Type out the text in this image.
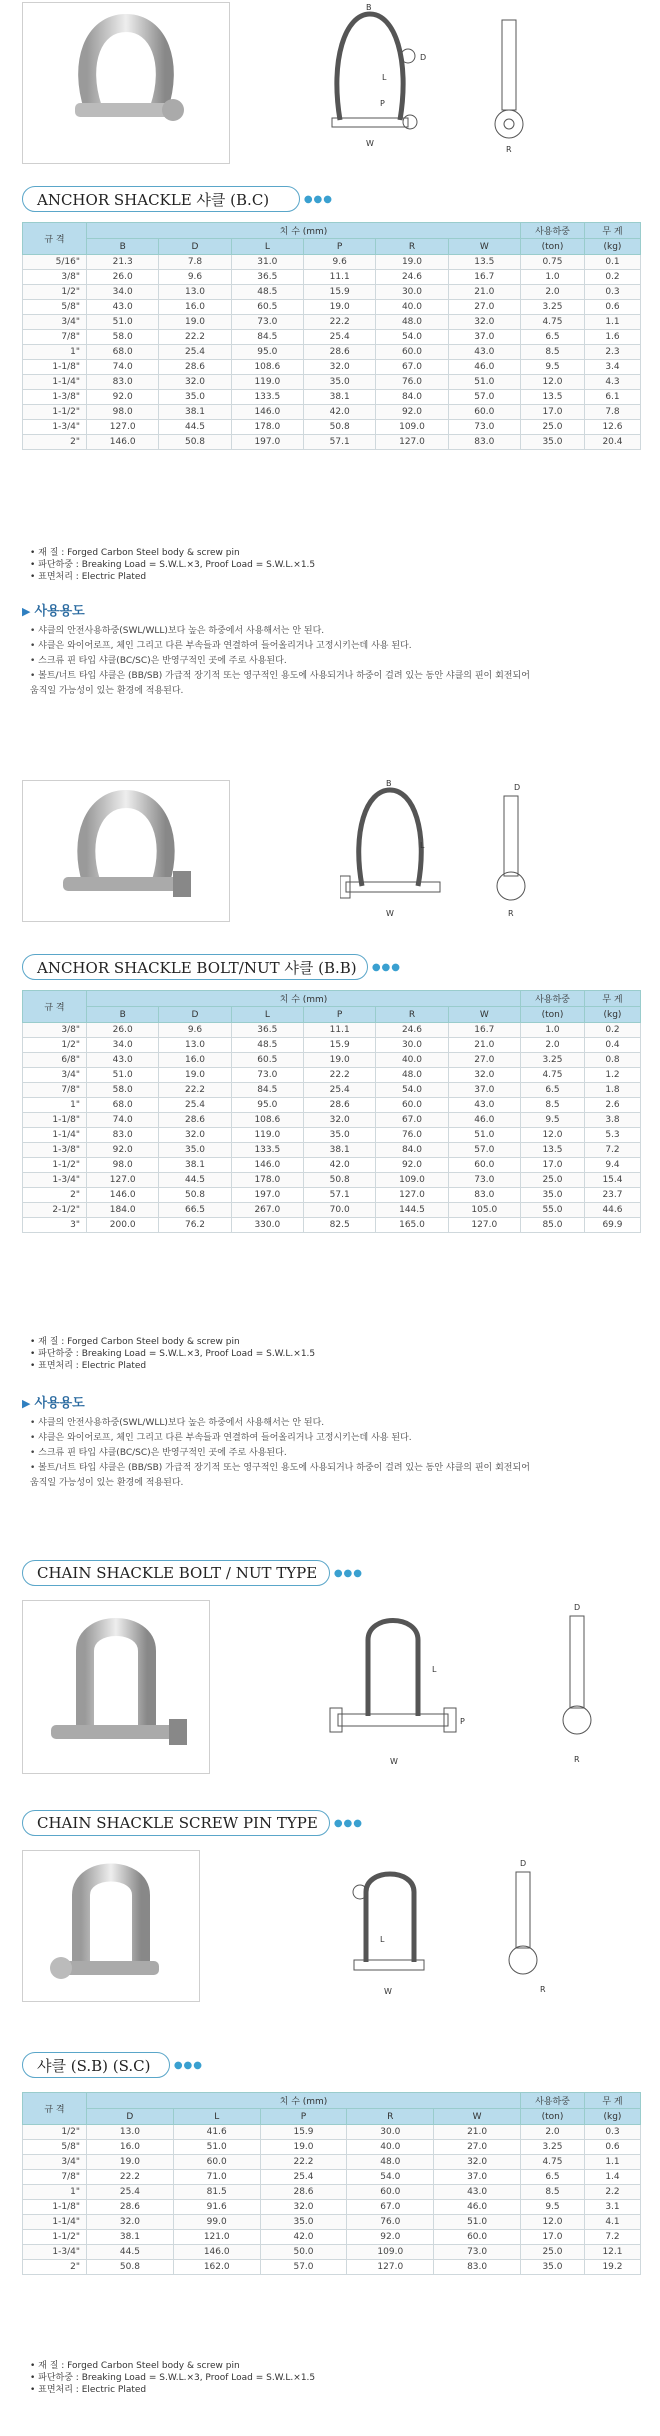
B
D
L
P
W
R
ANCHOR SHACKLE 샤클 (B.C)	●●●
규 격	치 수 (mm)						사용하중	무 게
	B	D	L	P	R	W	(ton)	(kg)
5/16"	21.3	7.8	31.0	9.6	19.0	13.5	0.75	0.1
3/8"	26.0	9.6	36.5	11.1	24.6	16.7	1.0	0.2
1/2"	34.0	13.0	48.5	15.9	30.0	21.0	2.0	0.3
5/8"	43.0	16.0	60.5	19.0	40.0	27.0	3.25	0.6
3/4"	51.0	19.0	73.0	22.2	48.0	32.0	4.75	1.1
7/8"	58.0	22.2	84.5	25.4	54.0	37.0	6.5	1.6
1"	68.0	25.4	95.0	28.6	60.0	43.0	8.5	2.3
1-1/8"	74.0	28.6	108.6	32.0	67.0	46.0	9.5	3.4
1-1/4"	83.0	32.0	119.0	35.0	76.0	51.0	12.0	4.3
1-3/8"	92.0	35.0	133.5	38.1	84.0	57.0	13.5	6.1
1-1/2"	98.0	38.1	146.0	42.0	92.0	60.0	17.0	7.8
1-3/4"	127.0	44.5	178.0	50.8	109.0	73.0	25.0	12.6
2"	146.0	50.8	197.0	57.1	127.0	83.0	35.0	20.4
• 재 질 : Forged Carbon Steel body & screw pin
• 파단하중 : Breaking Load = S.W.L.×3, Proof Load = S.W.L.×1.5
• 표면처리 : Electric Plated
▶ 사용용도
• 샤클의 안전사용하중(SWL/WLL)보다 높은 하중에서 사용해서는 안 된다.
• 샤클은 와이어로프, 체인 그리고 다른 부속들과 연결하여 들어올리거나 고정시키는데 사용 된다.
• 스크류 핀 타입 샤클(BC/SC)은 반영구적인 곳에 주로 사용된다.
• 볼트/너트 타입 샤클은 (BB/SB) 가급적 장기적 또는 영구적인 용도에 사용되거나 하중이 걸려 있는 동안 샤클의 핀이 회전되어
움직일 가능성이 있는 환경에 적용된다.
B
L
W
D
R
ANCHOR SHACKLE BOLT/NUT 샤클 (B.B) ●●●
규 격	치 수 (mm)						사용하중	무 게
	B	D	L	P	R	W	(ton)	(kg)
3/8"	26.0	9.6	36.5	11.1	24.6	16.7	1.0	0.2
1/2"	34.0	13.0	48.5	15.9	30.0	21.0	2.0	0.4
6/8"	43.0	16.0	60.5	19.0	40.0	27.0	3.25	0.8
3/4"	51.0	19.0	73.0	22.2	48.0	32.0	4.75	1.2
7/8"	58.0	22.2	84.5	25.4	54.0	37.0	6.5	1.8
1"	68.0	25.4	95.0	28.6	60.0	43.0	8.5	2.6
1-1/8"	74.0	28.6	108.6	32.0	67.0	46.0	9.5	3.8
1-1/4"	83.0	32.0	119.0	35.0	76.0	51.0	12.0	5.3
1-3/8"	92.0	35.0	133.5	38.1	84.0	57.0	13.5	7.2
1-1/2"	98.0	38.1	146.0	42.0	92.0	60.0	17.0	9.4
1-3/4"	127.0	44.5	178.0	50.8	109.0	73.0	25.0	15.4
2"	146.0	50.8	197.0	57.1	127.0	83.0	35.0	23.7
2-1/2"	184.0	66.5	267.0	70.0	144.5	105.0	55.0	44.6
3"	200.0	76.2	330.0	82.5	165.0	127.0	85.0	69.9
• 재 질 : Forged Carbon Steel body & screw pin
• 파단하중 : Breaking Load = S.W.L.×3, Proof Load = S.W.L.×1.5
• 표면처리 : Electric Plated
▶ 사용용도
• 샤클의 안전사용하중(SWL/WLL)보다 높은 하중에서 사용해서는 안 된다.
• 샤클은 와이어로프, 체인 그리고 다른 부속들과 연결하여 들어올리거나 고정시키는데 사용 된다.
• 스크류 핀 타입 샤클(BC/SC)은 반영구적인 곳에 주로 사용된다.
• 볼트/너트 타입 샤클은 (BB/SB) 가급적 장기적 또는 영구적인 용도에 사용되거나 하중이 걸려 있는 동안 샤클의 핀이 회전되어
움직일 가능성이 있는 환경에 적용된다.
CHAIN SHACKLE BOLT / NUT TYPE ●●●
L
P
W
D
R
CHAIN SHACKLE SCREW PIN TYPE ●●●
L
W
D
R
샤클 (S.B) (S.C) ●●●
규 격	치 수 (mm)					사용하중	무 게
	D	L	P	R	W	(ton)	(kg)
1/2"	13.0	41.6	15.9	30.0	21.0	2.0	0.3
5/8"	16.0	51.0	19.0	40.0	27.0	3.25	0.6
3/4"	19.0	60.0	22.2	48.0	32.0	4.75	1.1
7/8"	22.2	71.0	25.4	54.0	37.0	6.5	1.4
1"	25.4	81.5	28.6	60.0	43.0	8.5	2.2
1-1/8"	28.6	91.6	32.0	67.0	46.0	9.5	3.1
1-1/4"	32.0	99.0	35.0	76.0	51.0	12.0	4.1
1-1/2"	38.1	121.0	42.0	92.0	60.0	17.0	7.2
1-3/4"	44.5	146.0	50.0	109.0	73.0	25.0	12.1
2"	50.8	162.0	57.0	127.0	83.0	35.0	19.2
• 재 질 : Forged Carbon Steel body & screw pin
• 파단하중 : Breaking Load = S.W.L.×3, Proof Load = S.W.L.×1.5
• 표면처리 : Electric Plated
